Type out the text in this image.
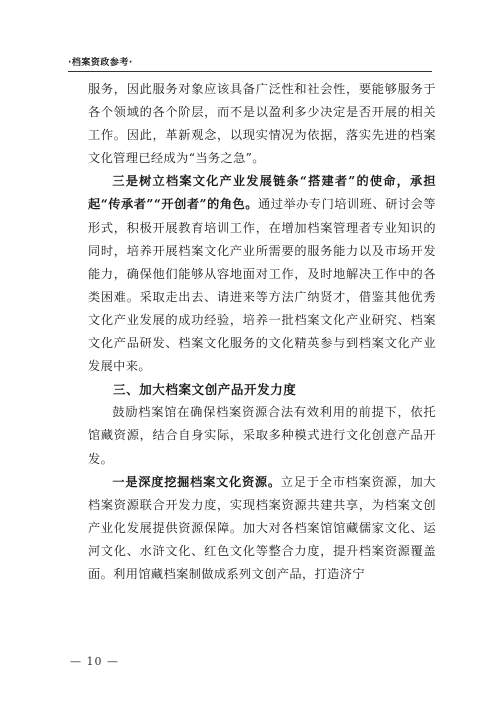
·档案资政参考·

服务，因此服务对象应该具备广泛性和社会性，要能够服务于各个领域的各个阶层，而不是以盈利多少决定是否开展的相关工作。因此，革新观念，以现实情况为依据，落实先进的档案文化管理已经成为“当务之急”。

三是树立档案文化产业发展链条“搭建者”的使命，承担起“传承者”“开创者”的角色。通过举办专门培训班、研讨会等形式，积极开展教育培训工作，在增加档案管理者专业知识的同时，培养开展档案文化产业所需要的服务能力以及市场开发能力，确保他们能够从容地面对工作，及时地解决工作中的各类困难。采取走出去、请进来等方法广纳贤才，借鉴其他优秀文化产业发展的成功经验，培养一批档案文化产业研究、档案文化产品研发、档案文化服务的文化精英参与到档案文化产业发展中来。

三、加大档案文创产品开发力度

鼓励档案馆在确保档案资源合法有效利用的前提下，依托馆藏资源，结合自身实际，采取多种模式进行文化创意产品开发。

一是深度挖掘档案文化资源。立足于全市档案资源，加大档案资源联合开发力度，实现档案资源共建共享，为档案文创产业化发展提供资源保障。加大对各档案馆馆藏儒家文化、运河文化、水浒文化、红色文化等整合力度，提升档案资源覆盖面。利用馆藏档案制做成系列文创产品，打造济宁

— 10 —
